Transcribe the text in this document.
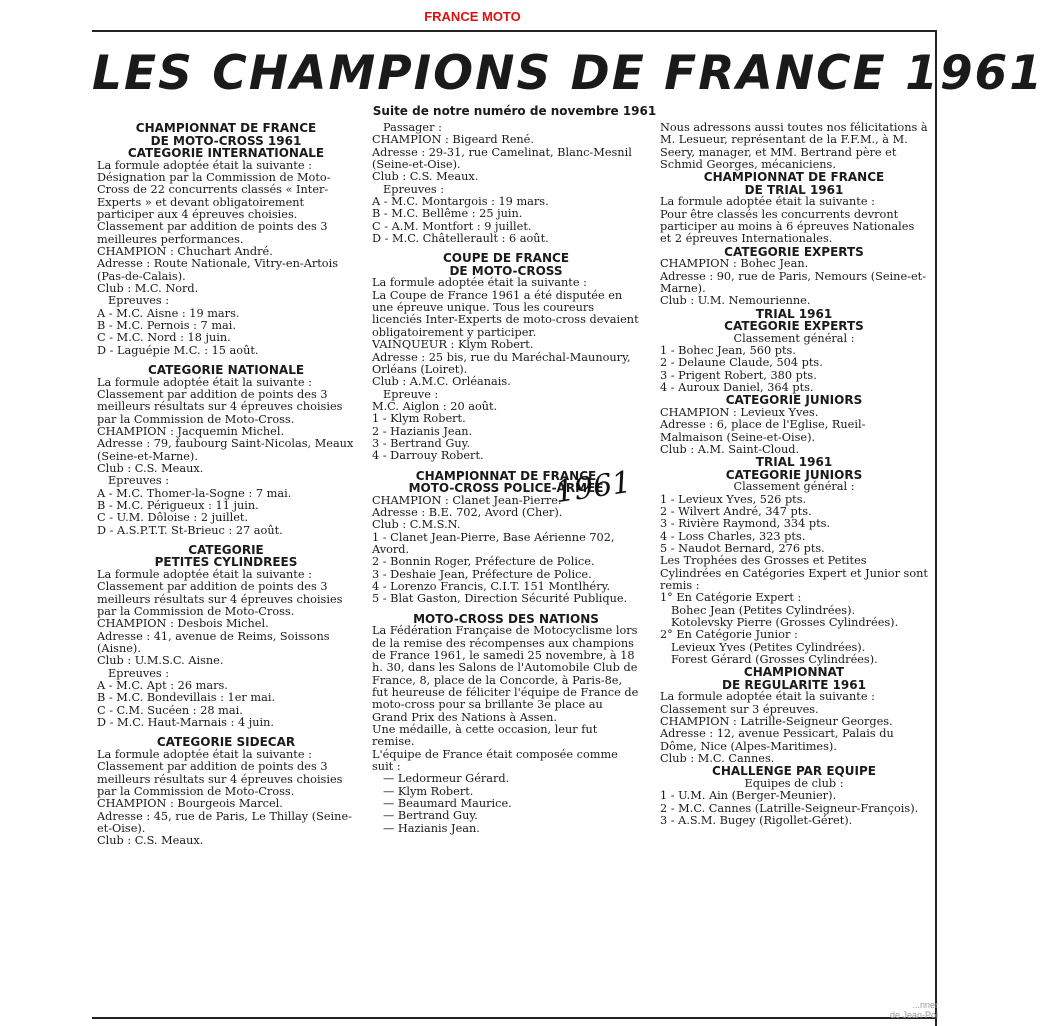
FRANCE MOTO
LES CHAMPIONS DE FRANCE 1961
Suite de notre numéro de novembre 1961

CHAMPIONNAT DE FRANCE

DE MOTO-CROSS 1961

CATEGORIE INTERNATIONALE

La formule adoptée était la suivante :

Désignation par la Commission de Moto-Cross de 22 concurrents classés « Inter-Experts » et devant obligatoirement participer aux 4 épreuves choisies.

Classement par addition de points des 3 meilleures performances.

CHAMPION : Chuchart André.

Adresse : Route Nationale, Vitry-en-Artois (Pas-de-Calais).

Club : M.C. Nord.

Epreuves :

A - M.C. Aisne : 19 mars.

B - M.C. Pernois : 7 mai.

C - M.C. Nord : 18 juin.

D - Laguépie M.C. : 15 août.

CATEGORIE NATIONALE

La formule adoptée était la suivante :

Classement par addition de points des 3 meilleurs résultats sur 4 épreuves choisies par la Commission de Moto-Cross.

CHAMPION : Jacquemin Michel.

Adresse : 79, faubourg Saint-Nicolas, Meaux (Seine-et-Marne).

Club : C.S. Meaux.

Epreuves :

A - M.C. Thomer-la-Sogne : 7 mai.

B - M.C. Périgueux : 11 juin.

C - U.M. Dôloise : 2 juillet.

D - A.S.P.T.T. St-Brieuc : 27 août.

CATEGORIE

PETITES CYLINDREES

La formule adoptée était la suivante :

Classement par addition de points des 3 meilleurs résultats sur 4 épreuves choisies par la Commission de Moto-Cross.

CHAMPION : Desbois Michel.

Adresse : 41, avenue de Reims, Soissons (Aisne).

Club : U.M.S.C. Aisne.

Epreuves :

A - M.C. Apt : 26 mars.

B - M.C. Bondevillais : 1er mai.

C - C.M. Sucéen : 28 mai.

D - M.C. Haut-Marnais : 4 juin.

CATEGORIE SIDECAR

La formule adoptée était la suivante :

Classement par addition de points des 3 meilleurs résultats sur 4 épreuves choisies par la Commission de Moto-Cross.

CHAMPION : Bourgeois Marcel.

Adresse : 45, rue de Paris, Le Thillay (Seine-et-Oise).

Club : C.S. Meaux.

Passager :

CHAMPION : Bigeard René.

Adresse : 29-31, rue Camelinat, Blanc-Mesnil (Seine-et-Oise).

Club : C.S. Meaux.

Epreuves :

A - M.C. Montargois : 19 mars.

B - M.C. Bellême : 25 juin.

C - A.M. Montfort : 9 juillet.

D - M.C. Châtellerault : 6 août.

COUPE DE FRANCE

DE MOTO-CROSS

La formule adoptée était la suivante :

La Coupe de France 1961 a été disputée en une épreuve unique. Tous les coureurs licenciés Inter-Experts de moto-cross devaient obligatoirement y participer.

VAINQUEUR : Klym Robert.

Adresse : 25 bis, rue du Maréchal-Maunoury, Orléans (Loiret).

Club : A.M.C. Orléanais.

Epreuve :

M.C. Aiglon : 20 août.

1 - Klym Robert.

2 - Hazianis Jean.

3 - Bertrand Guy.

4 - Darrouy Robert.

CHAMPIONNAT DE FRANCE

MOTO-CROSS POLICE-ARMEE

CHAMPION : Clanet Jean-Pierre.

Adresse : B.E. 702, Avord (Cher).

Club : C.M.S.N.

1 - Clanet Jean-Pierre, Base Aérienne 702, Avord.

2 - Bonnin Roger, Préfecture de Police.

3 - Deshaie Jean, Préfecture de Police.

4 - Lorenzo Francis, C.I.T. 151 Montlhéry.

5 - Blat Gaston, Direction Sécurité Publique.

MOTO-CROSS DES NATIONS

La Fédération Française de Motocyclisme lors de la remise des récompenses aux champions de France 1961, le samedi 25 novembre, à 18 h. 30, dans les Salons de l'Automobile Club de France, 8, place de la Concorde, à Paris-8e, fut heureuse de féliciter l'équipe de France de moto-cross pour sa brillante 3e place au Grand Prix des Nations à Assen.

Une médaille, à cette occasion, leur fut remise.

L'équipe de France était composée comme suit :

— Ledormeur Gérard.

— Klym Robert.

— Beaumard Maurice.

— Bertrand Guy.

— Hazianis Jean.

Nous adressons aussi toutes nos félicitations à M. Lesueur, représentant de la F.F.M., à M. Seery, manager, et MM. Bertrand père et Schmid Georges, mécaniciens.

CHAMPIONNAT DE FRANCE

DE TRIAL 1961

La formule adoptée était la suivante :

Pour être classés les concurrents devront participer au moins à 6 épreuves Nationales et 2 épreuves Internationales.

CATEGORIE EXPERTS

CHAMPION : Bohec Jean.

Adresse : 90, rue de Paris, Nemours (Seine-et-Marne).

Club : U.M. Nemourienne.

TRIAL 1961

CATEGORIE EXPERTS

Classement général :

1 - Bohec Jean, 560 pts.

2 - Delaune Claude, 504 pts.

3 - Prigent Robert, 380 pts.

4 - Auroux Daniel, 364 pts.

CATEGORIE JUNIORS

CHAMPION : Levieux Yves.

Adresse : 6, place de l'Eglise, Rueil-Malmaison (Seine-et-Oise).

Club : A.M. Saint-Cloud.

TRIAL 1961

CATEGORIE JUNIORS

Classement général :

1 - Levieux Yves, 526 pts.

2 - Wilvert André, 347 pts.

3 - Rivière Raymond, 334 pts.

4 - Loss Charles, 323 pts.

5 - Naudot Bernard, 276 pts.

Les Trophées des Grosses et Petites Cylindrées en Catégories Expert et Junior sont remis :

1° En Catégorie Expert :

Bohec Jean (Petites Cylindrées).

Kotolevsky Pierre (Grosses Cylindrées).

2° En Catégorie Junior :

Levieux Yves (Petites Cylindrées).

Forest Gérard (Grosses Cylindrées).

CHAMPIONNAT

DE REGULARITE 1961

La formule adoptée était la suivante :

Classement sur 3 épreuves.

CHAMPION : Latrille-Seigneur Georges.

Adresse : 12, avenue Pessicart, Palais du Dôme, Nice (Alpes-Maritimes).

Club : M.C. Cannes.

CHALLENGE PAR EQUIPE

Equipes de club :

1 - U.M. Ain (Berger-Meunier).

2 - M.C. Cannes (Latrille-Seigneur-François).

3 - A.S.M. Bugey (Rigollet-Géret).

1961
...nner
de Jean-Pol
